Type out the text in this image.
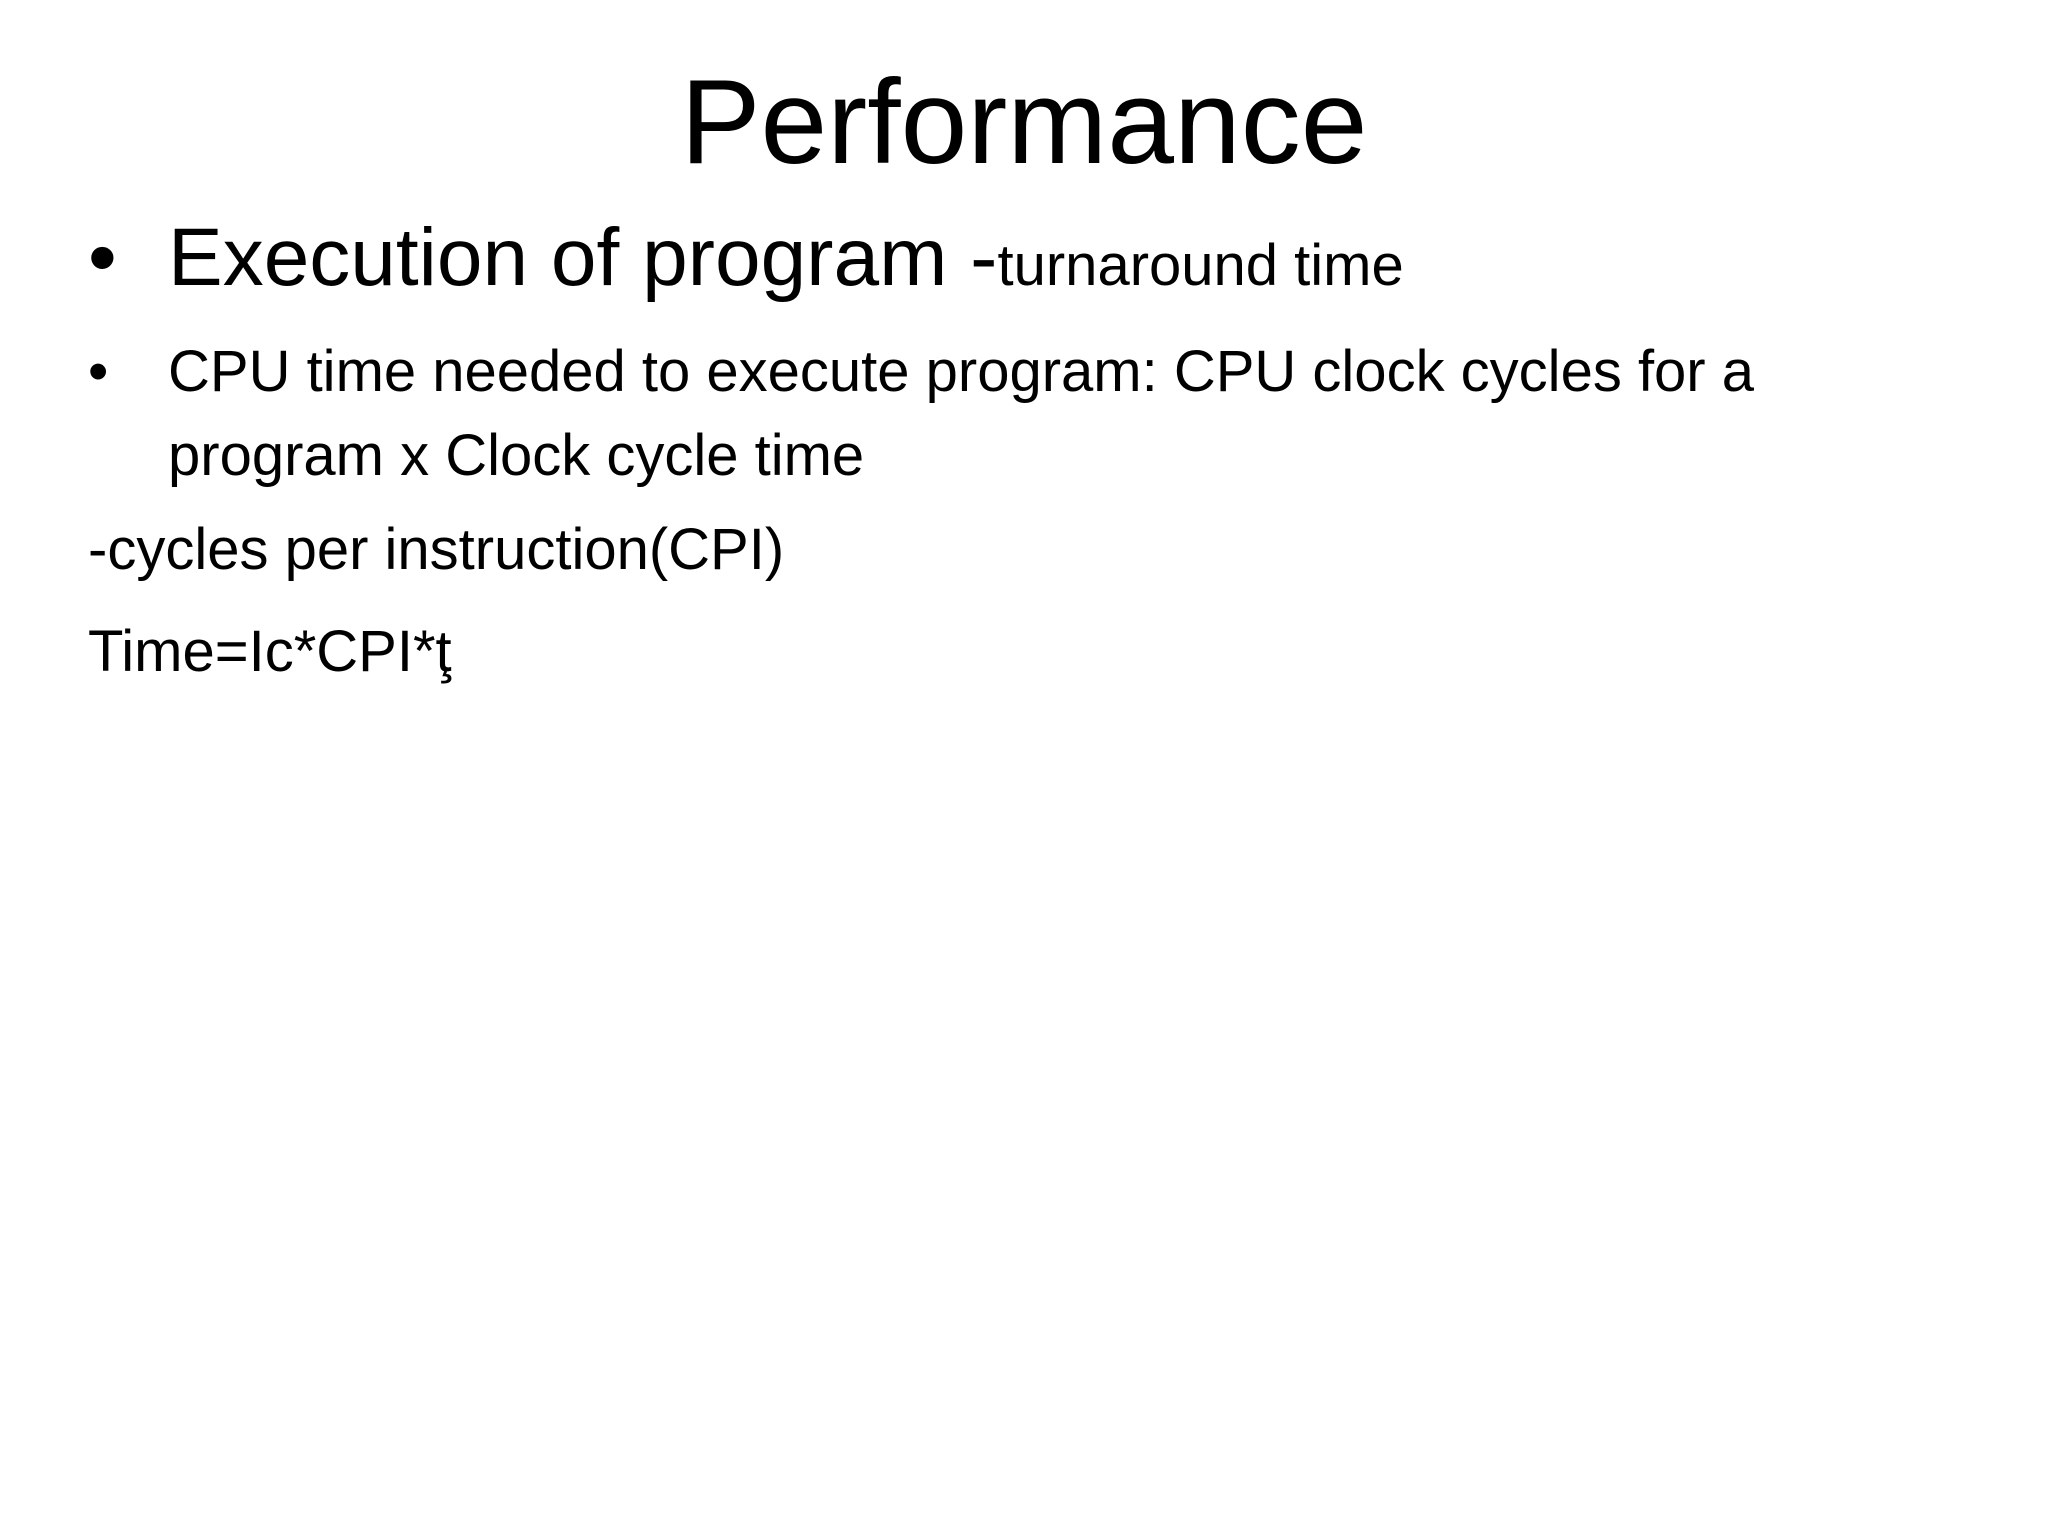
Performance
• Execution of program -turnaround time
•	CPU time needed to execute program: CPU clock cycles for a program x Clock cycle time
-cycles per instruction(CPI)
Time=Ic*CPI*ţ
